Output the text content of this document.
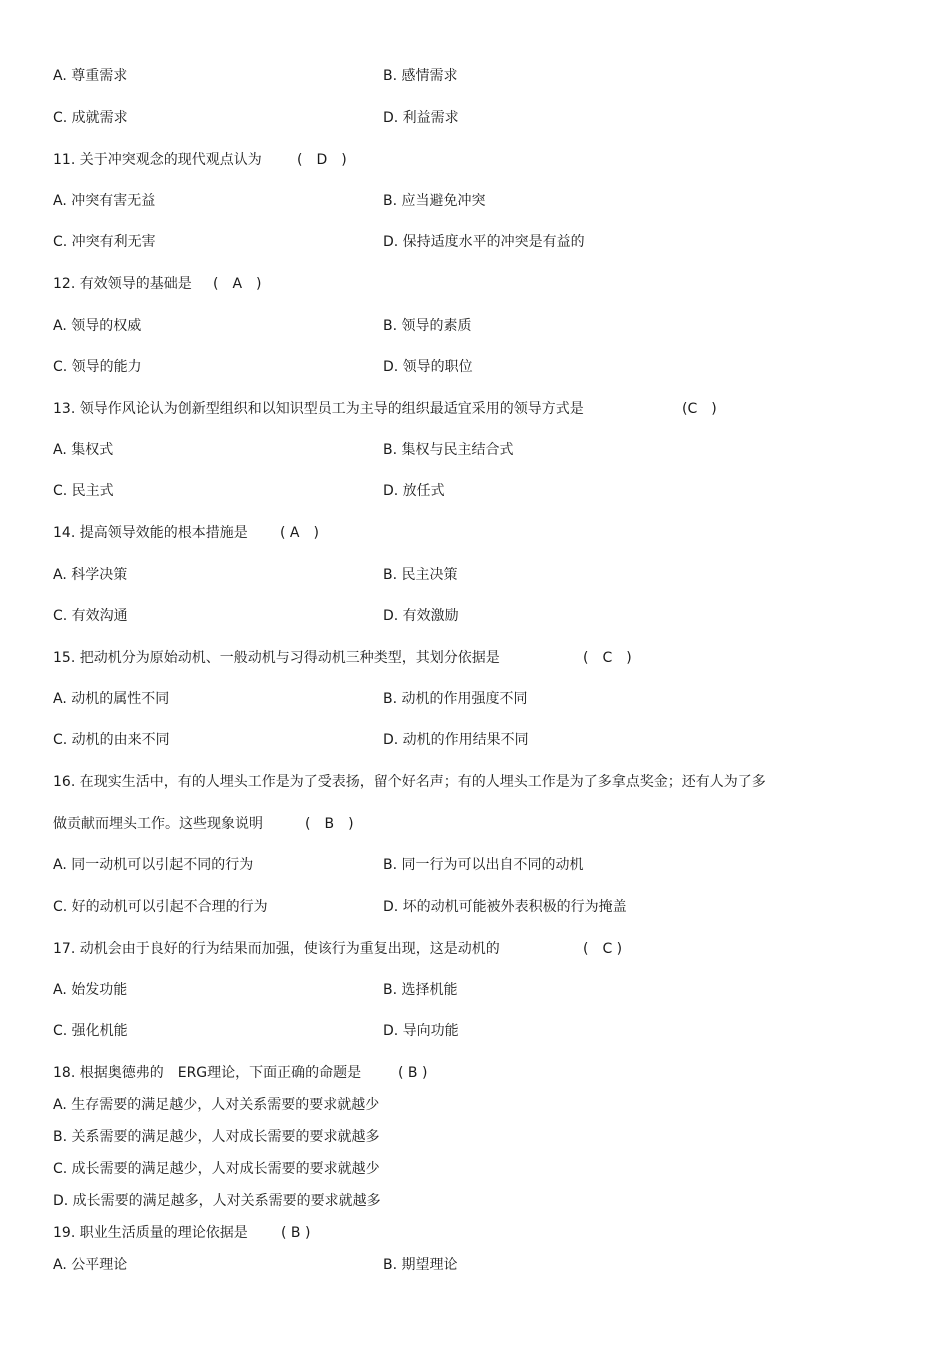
A. 尊重需求	B. 感情需求
C. 成就需求	D. 利益需求
11. 关于冲突观念的现代观点认为	(　D　)
A. 冲突有害无益	B. 应当避免冲突
C. 冲突有利无害	D. 保持适度水平的冲突是有益的
12. 有效领导的基础是 (　A　)
A. 领导的权威	B. 领导的素质
C. 领导的能力	D. 领导的职位
13. 领导作风论认为创新型组织和以知识型员工为主导的组织最适宜采用的领导方式是	(C　)
A. 集权式	B. 集权与民主结合式
C. 民主式	D. 放任式
14. 提高领导效能的根本措施是 ( A　)
A. 科学决策	B. 民主决策
C. 有效沟通	D. 有效激励
15. 把动机分为原始动机、一般动机与习得动机三种类型，其划分依据是	(　C　)
A. 动机的属性不同	B. 动机的作用强度不同
C. 动机的由来不同	D. 动机的作用结果不同
16. 在现实生活中，有的人埋头工作是为了受表扬，留个好名声；有的人埋头工作是为了多拿点奖金；还有人为了多
做贡献而埋头工作。这些现象说明	(　B　)
A. 同一动机可以引起不同的行为	B. 同一行为可以出自不同的动机
C. 好的动机可以引起不合理的行为	D. 坏的动机可能被外表积极的行为掩盖
17. 动机会由于良好的行为结果而加强，使该行为重复出现，这是动机的	(　C )
A. 始发功能	B. 选择机能
C. 强化机能	D. 导向功能
18. 根据奥德弗的 ERG理论，下面正确的命题是	( B )
A. 生存需要的满足越少，人对关系需要的要求就越少
B. 关系需要的满足越少，人对成长需要的要求就越多
C. 成长需要的满足越少，人对成长需要的要求就越少
D. 成长需要的满足越多，人对关系需要的要求就越多
19. 职业生活质量的理论依据是 ( B )
A. 公平理论	B. 期望理论
